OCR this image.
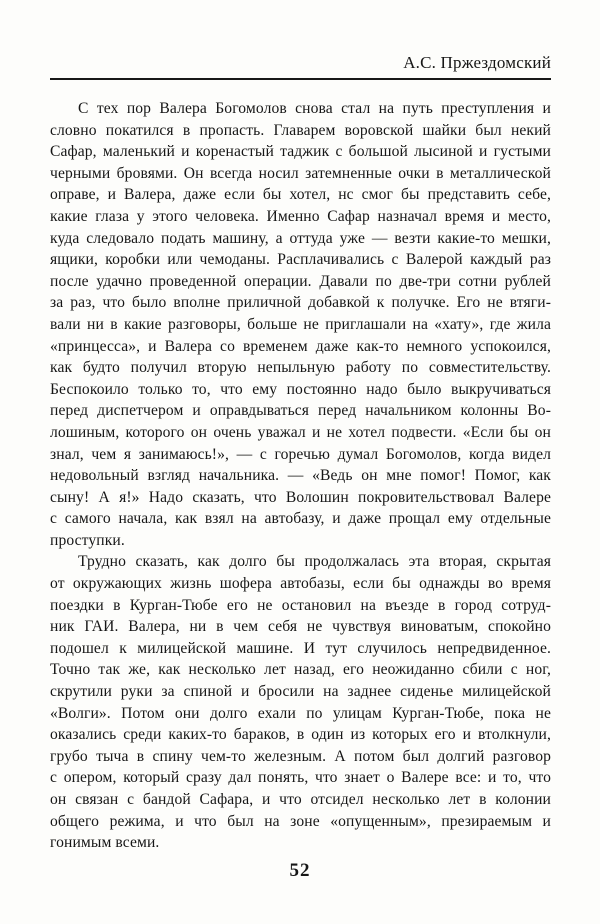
А.С. Пржездомский
С тех пор Валера Богомолов снова стал на путь преступления и
словно покатился в пропасть. Главарем воровской шайки был некий
Сафар, маленький и коренастый таджик с большой лысиной и густыми
черными бровями. Он всегда носил затемненные очки в металлической
оправе, и Валера, даже если бы хотел, нс смог бы представить себе,
какие глаза у этого человека. Именно Сафар назначал время и место,
куда следовало подать машину, а оттуда уже — везти какие-то мешки,
ящики, коробки или чемоданы. Расплачивались с Валерой каждый раз
после удачно проведенной операции. Давали по две-три сотни рублей
за раз, что было вполне приличной добавкой к получке. Его не втяги-
вали ни в какие разговоры, больше не приглашали на «хату», где жила
«принцесса», и Валера со временем даже как-то немного успокоился,
как будто получил вторую непыльную работу по совместительству.
Беспокоило только то, что ему постоянно надо было выкручиваться
перед диспетчером и оправдываться перед начальником колонны Во-
лошиным, которого он очень уважал и не хотел подвести. «Если бы он
знал, чем я занимаюсь!», — с горечью думал Богомолов, когда видел
недовольный взгляд начальника. — «Ведь он мне помог! Помог, как
сыну! А я!» Надо сказать, что Волошин покровительствовал Валере
с самого начала, как взял на автобазу, и даже прощал ему отдельные
проступки.
Трудно сказать, как долго бы продолжалась эта вторая, скрытая
от окружающих жизнь шофера автобазы, если бы однажды во время
поездки в Курган-Тюбе его не остановил на въезде в город сотруд-
ник ГАИ. Валера, ни в чем себя не чувствуя виноватым, спокойно
подошел к милицейской машине. И тут случилось непредвиденное.
Точно так же, как несколько лет назад, его неожиданно сбили с ног,
скрутили руки за спиной и бросили на заднее сиденье милицейской
«Волги». Потом они долго ехали по улицам Курган-Тюбе, пока не
оказались среди каких-то бараков, в один из которых его и втолкнули,
грубо тыча в спину чем-то железным. А потом был долгий разговор
с опером, который сразу дал понять, что знает о Валере все: и то, что
он связан с бандой Сафара, и что отсидел несколько лет в колонии
общего режима, и что был на зоне «опущенным», презираемым и
гонимым всеми.
52
